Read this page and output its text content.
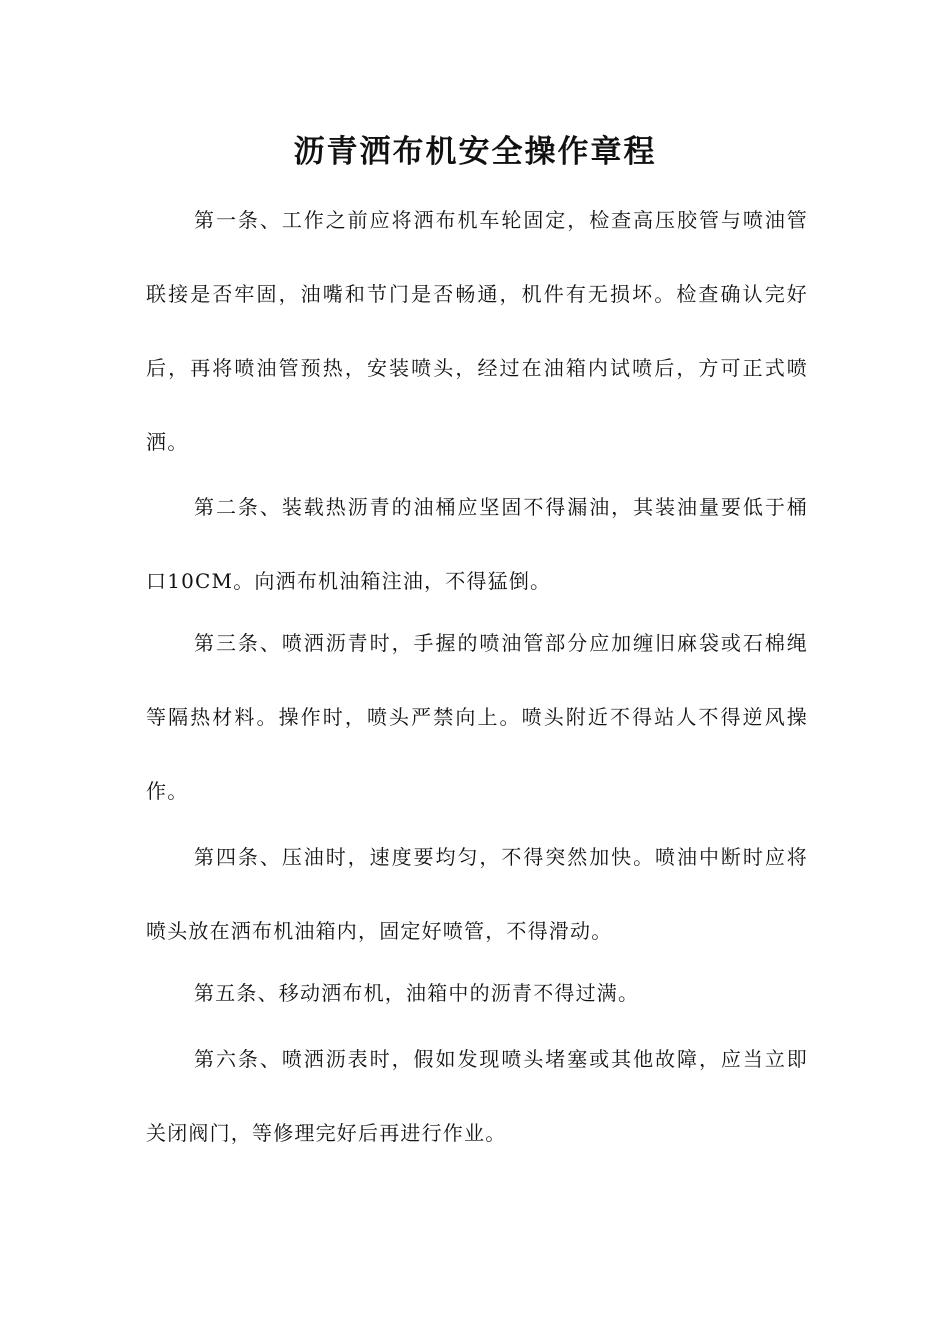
沥青洒布机安全操作章程

第一条、工作之前应将洒布机车轮固定，检查高压胶管与喷油管联接是否牢固，油嘴和节门是否畅通，机件有无损坏。检查确认完好后，再将喷油管预热，安装喷头，经过在油箱内试喷后，方可正式喷洒。

第二条、装载热沥青的油桶应坚固不得漏油，其装油量要低于桶口10CM。向洒布机油箱注油，不得猛倒。

第三条、喷洒沥青时，手握的喷油管部分应加缠旧麻袋或石棉绳等隔热材料。操作时，喷头严禁向上。喷头附近不得站人不得逆风操作。

第四条、压油时，速度要均匀，不得突然加快。喷油中断时应将喷头放在洒布机油箱内，固定好喷管，不得滑动。

第五条、移动洒布机，油箱中的沥青不得过满。

第六条、喷洒沥表时，假如发现喷头堵塞或其他故障，应当立即关闭阀门，等修理完好后再进行作业。
